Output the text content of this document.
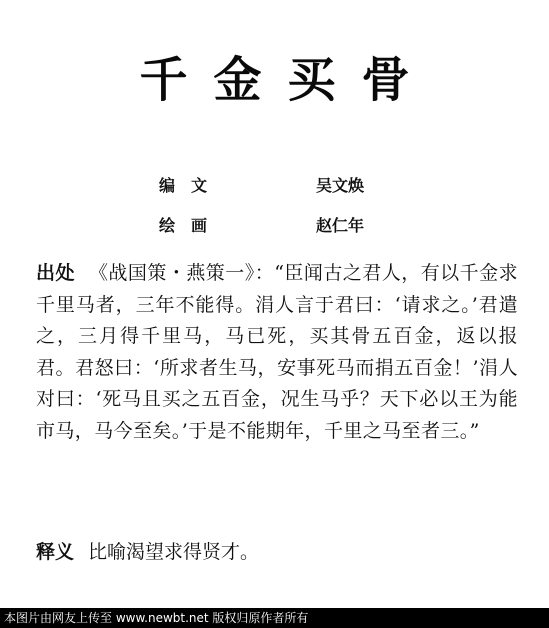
千金买骨
编　文	吴文焕
绘　画	赵仁年
出处 《战国策・燕策一》：“臣闻古之君人，有以千金求千里马者，三年不能得。涓人言于君曰：‘请求之。’君遣之，三月得千里马，马已死，买其骨五百金，返以报君。君怒曰：‘所求者生马，安事死马而捐五百金！’涓人对曰：‘死马且买之五百金，况生马乎？天下必以王为能市马，马今至矣。’于是不能期年，千里之马至者三。”
释义 比喻渴望求得贤才。
本图片由网友上传至 www.newbt.net 版权归原作者所有
